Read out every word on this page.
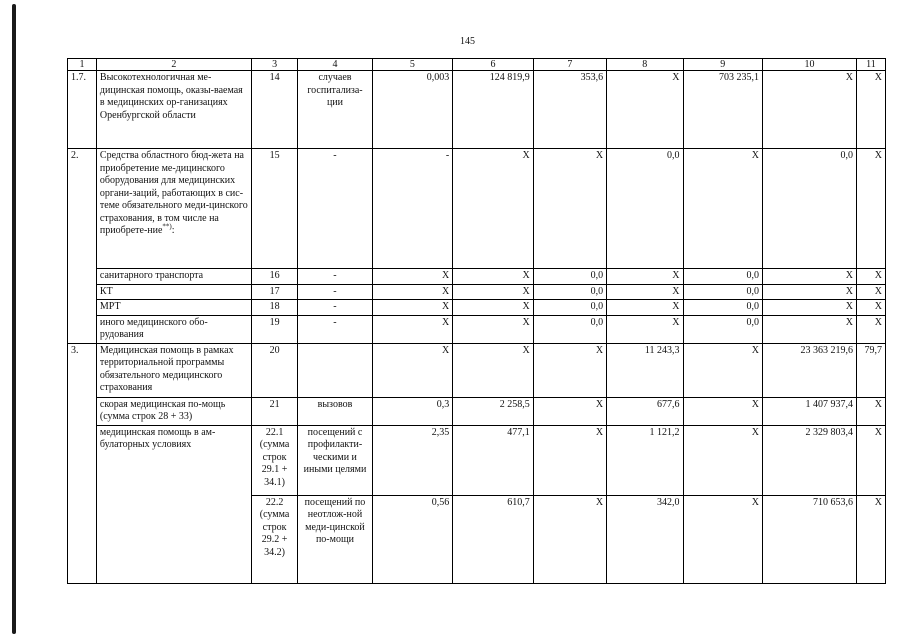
145
1	2	3	4	5	6	7	8	9	10	11
1.7.	Высокотехнологичная ме-дицинская помощь, оказы-ваемая в медицинских ор-ганизациях Оренбургской области	14	случаев госпитализа-ции	0,003	124 819,9	353,6	Х	703 235,1	Х	Х
2.	Средства областного бюд-жета на приобретение ме-дицинского оборудования для медицинских органи-заций, работающих в сис-теме обязательного меди-цинского страхования, в том числе на приобрете-ние**):	15	-	-	Х	Х	0,0	Х	0,0	Х
	санитарного транспорта	16	-	Х	Х	0,0	Х	0,0	Х	Х
	КТ	17	-	Х	Х	0,0	Х	0,0	Х	Х
	МРТ	18	-	Х	Х	0,0	Х	0,0	Х	Х
	иного медицинского обо-рудования	19	-	Х	Х	0,0	Х	0,0	Х	Х
3.	Медицинская помощь в рамках территориальной программы обязательного медицинского страхования	20		Х	Х	Х	11 243,3	Х	23 363 219,6	79,7
	скорая медицинская по-мощь (сумма строк 28 + 33)	21	вызовов	0,3	2 258,5	Х	677,6	Х	1 407 937,4	Х
	медицинская помощь в ам-булаторных условиях	22.1 (сумма строк 29.1 + 34.1)	посещений с профилакти-ческими и иными целями	2,35	477,1	Х	1 121,2	Х	2 329 803,4	Х
		22.2 (сумма строк 29.2 + 34.2)	посещений по неотлож-ной меди-цинской по-мощи	0,56	610,7	Х	342,0	Х	710 653,6	Х
